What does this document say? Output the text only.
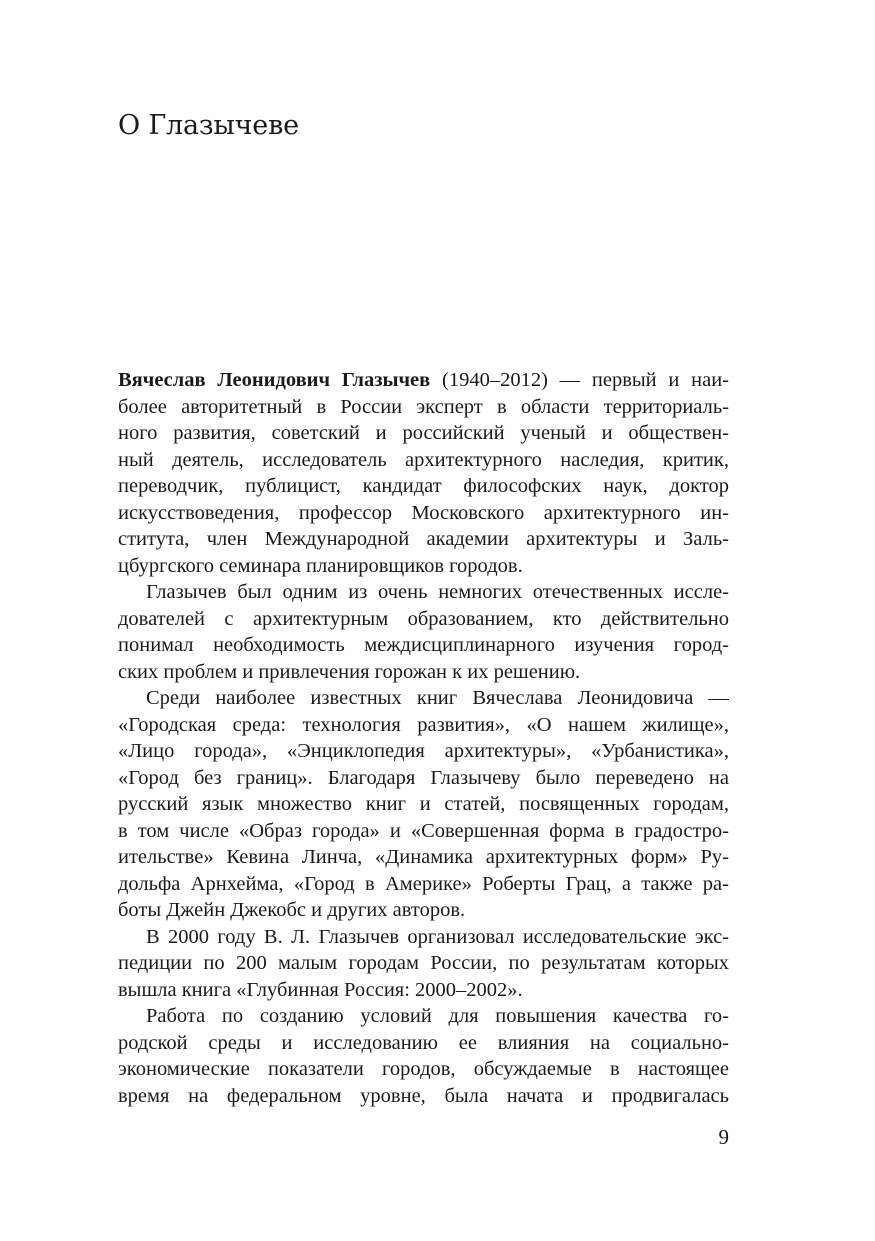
О Глазычеве
Вячеслав Леонидович Глазычев (1940–2012) — первый и наи-
более авторитетный в России эксперт в области территориаль-
ного развития, советский и российский ученый и обществен-
ный деятель, исследователь архитектурного наследия, критик,
переводчик, публицист, кандидат философских наук, доктор
искусствоведения, профессор Московского архитектурного ин-
ститута, член Международной академии архитектуры и Заль-
цбургского семинара планировщиков городов.
Глазычев был одним из очень немногих отечественных иссле-
дователей с архитектурным образованием, кто действительно
понимал необходимость междисциплинарного изучения город-
ских проблем и привлечения горожан к их решению.
Среди наиболее известных книг Вячеслава Леонидовича —
«Городская среда: технология развития», «О нашем жилище»,
«Лицо города», «Энциклопедия архитектуры», «Урбанистика»,
«Город без границ». Благодаря Глазычеву было переведено на
русский язык множество книг и статей, посвященных городам,
в том числе «Образ города» и «Совершенная форма в градостро-
ительстве» Кевина Линча, «Динамика архитектурных форм» Ру-
дольфа Арнхейма, «Город в Америке» Роберты Грац, а также ра-
боты Джейн Джекобс и других авторов.
В 2000 году В. Л. Глазычев организовал исследовательские экс-
педиции по 200 малым городам России, по результатам которых
вышла книга «Глубинная Россия: 2000–2002».
Работа по созданию условий для повышения качества го-
родской среды и исследованию ее влияния на социально-
экономические показатели городов, обсуждаемые в настоящее
время на федеральном уровне, была начата и продвигалась
9
